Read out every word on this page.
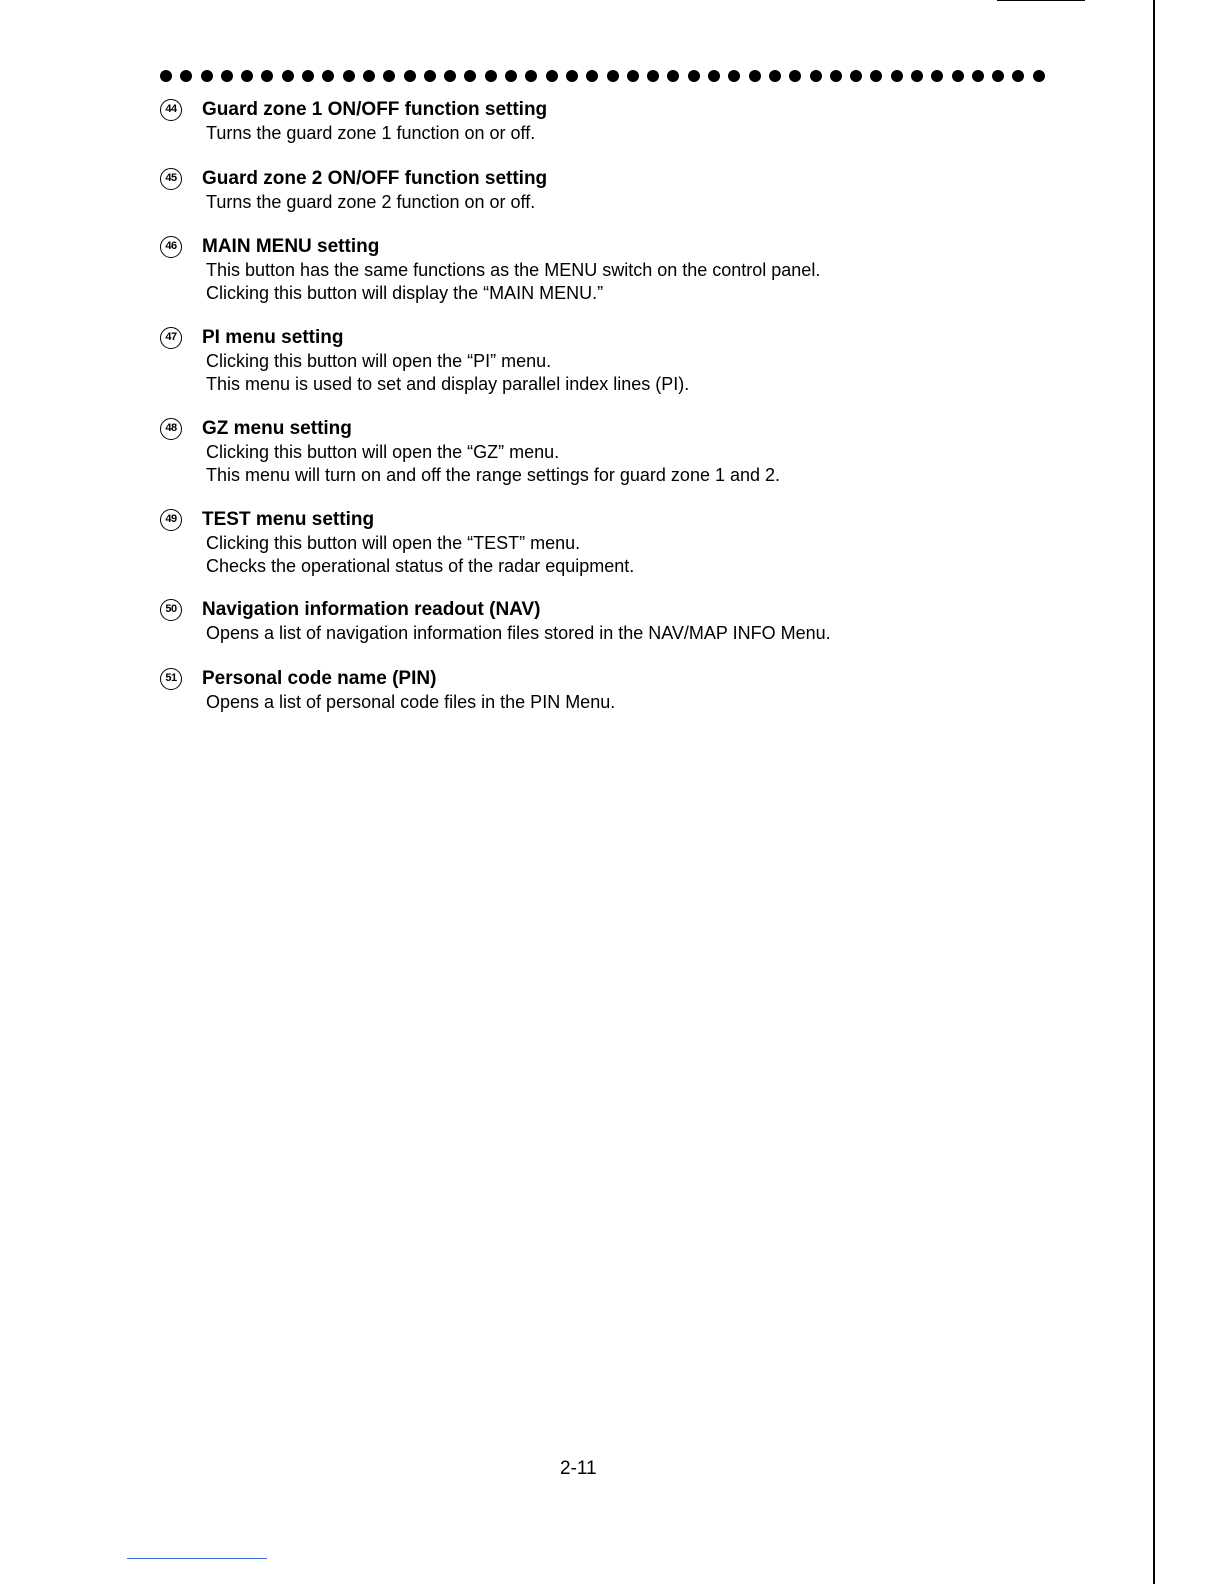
44 Guard zone 1 ON/OFF function setting
Turns the guard zone 1 function on or off.
45 Guard zone 2 ON/OFF function setting
Turns the guard zone 2 function on or off.
46 MAIN MENU setting
This button has the same functions as the MENU switch on the control panel.
Clicking this button will display the “MAIN MENU.”
47 PI menu setting
Clicking this button will open the “PI” menu.
This menu is used to set and display parallel index lines (PI).
48 GZ menu setting
Clicking this button will open the “GZ” menu.
This menu will turn on and off the range settings for guard zone 1 and 2.
49 TEST menu setting
Clicking this button will open the “TEST” menu.
Checks the operational status of the radar equipment.
50 Navigation information readout (NAV)
Opens a list of navigation information files stored in the NAV/MAP INFO Menu.
51 Personal code name (PIN)
Opens a list of personal code files in the PIN Menu.
2-11
